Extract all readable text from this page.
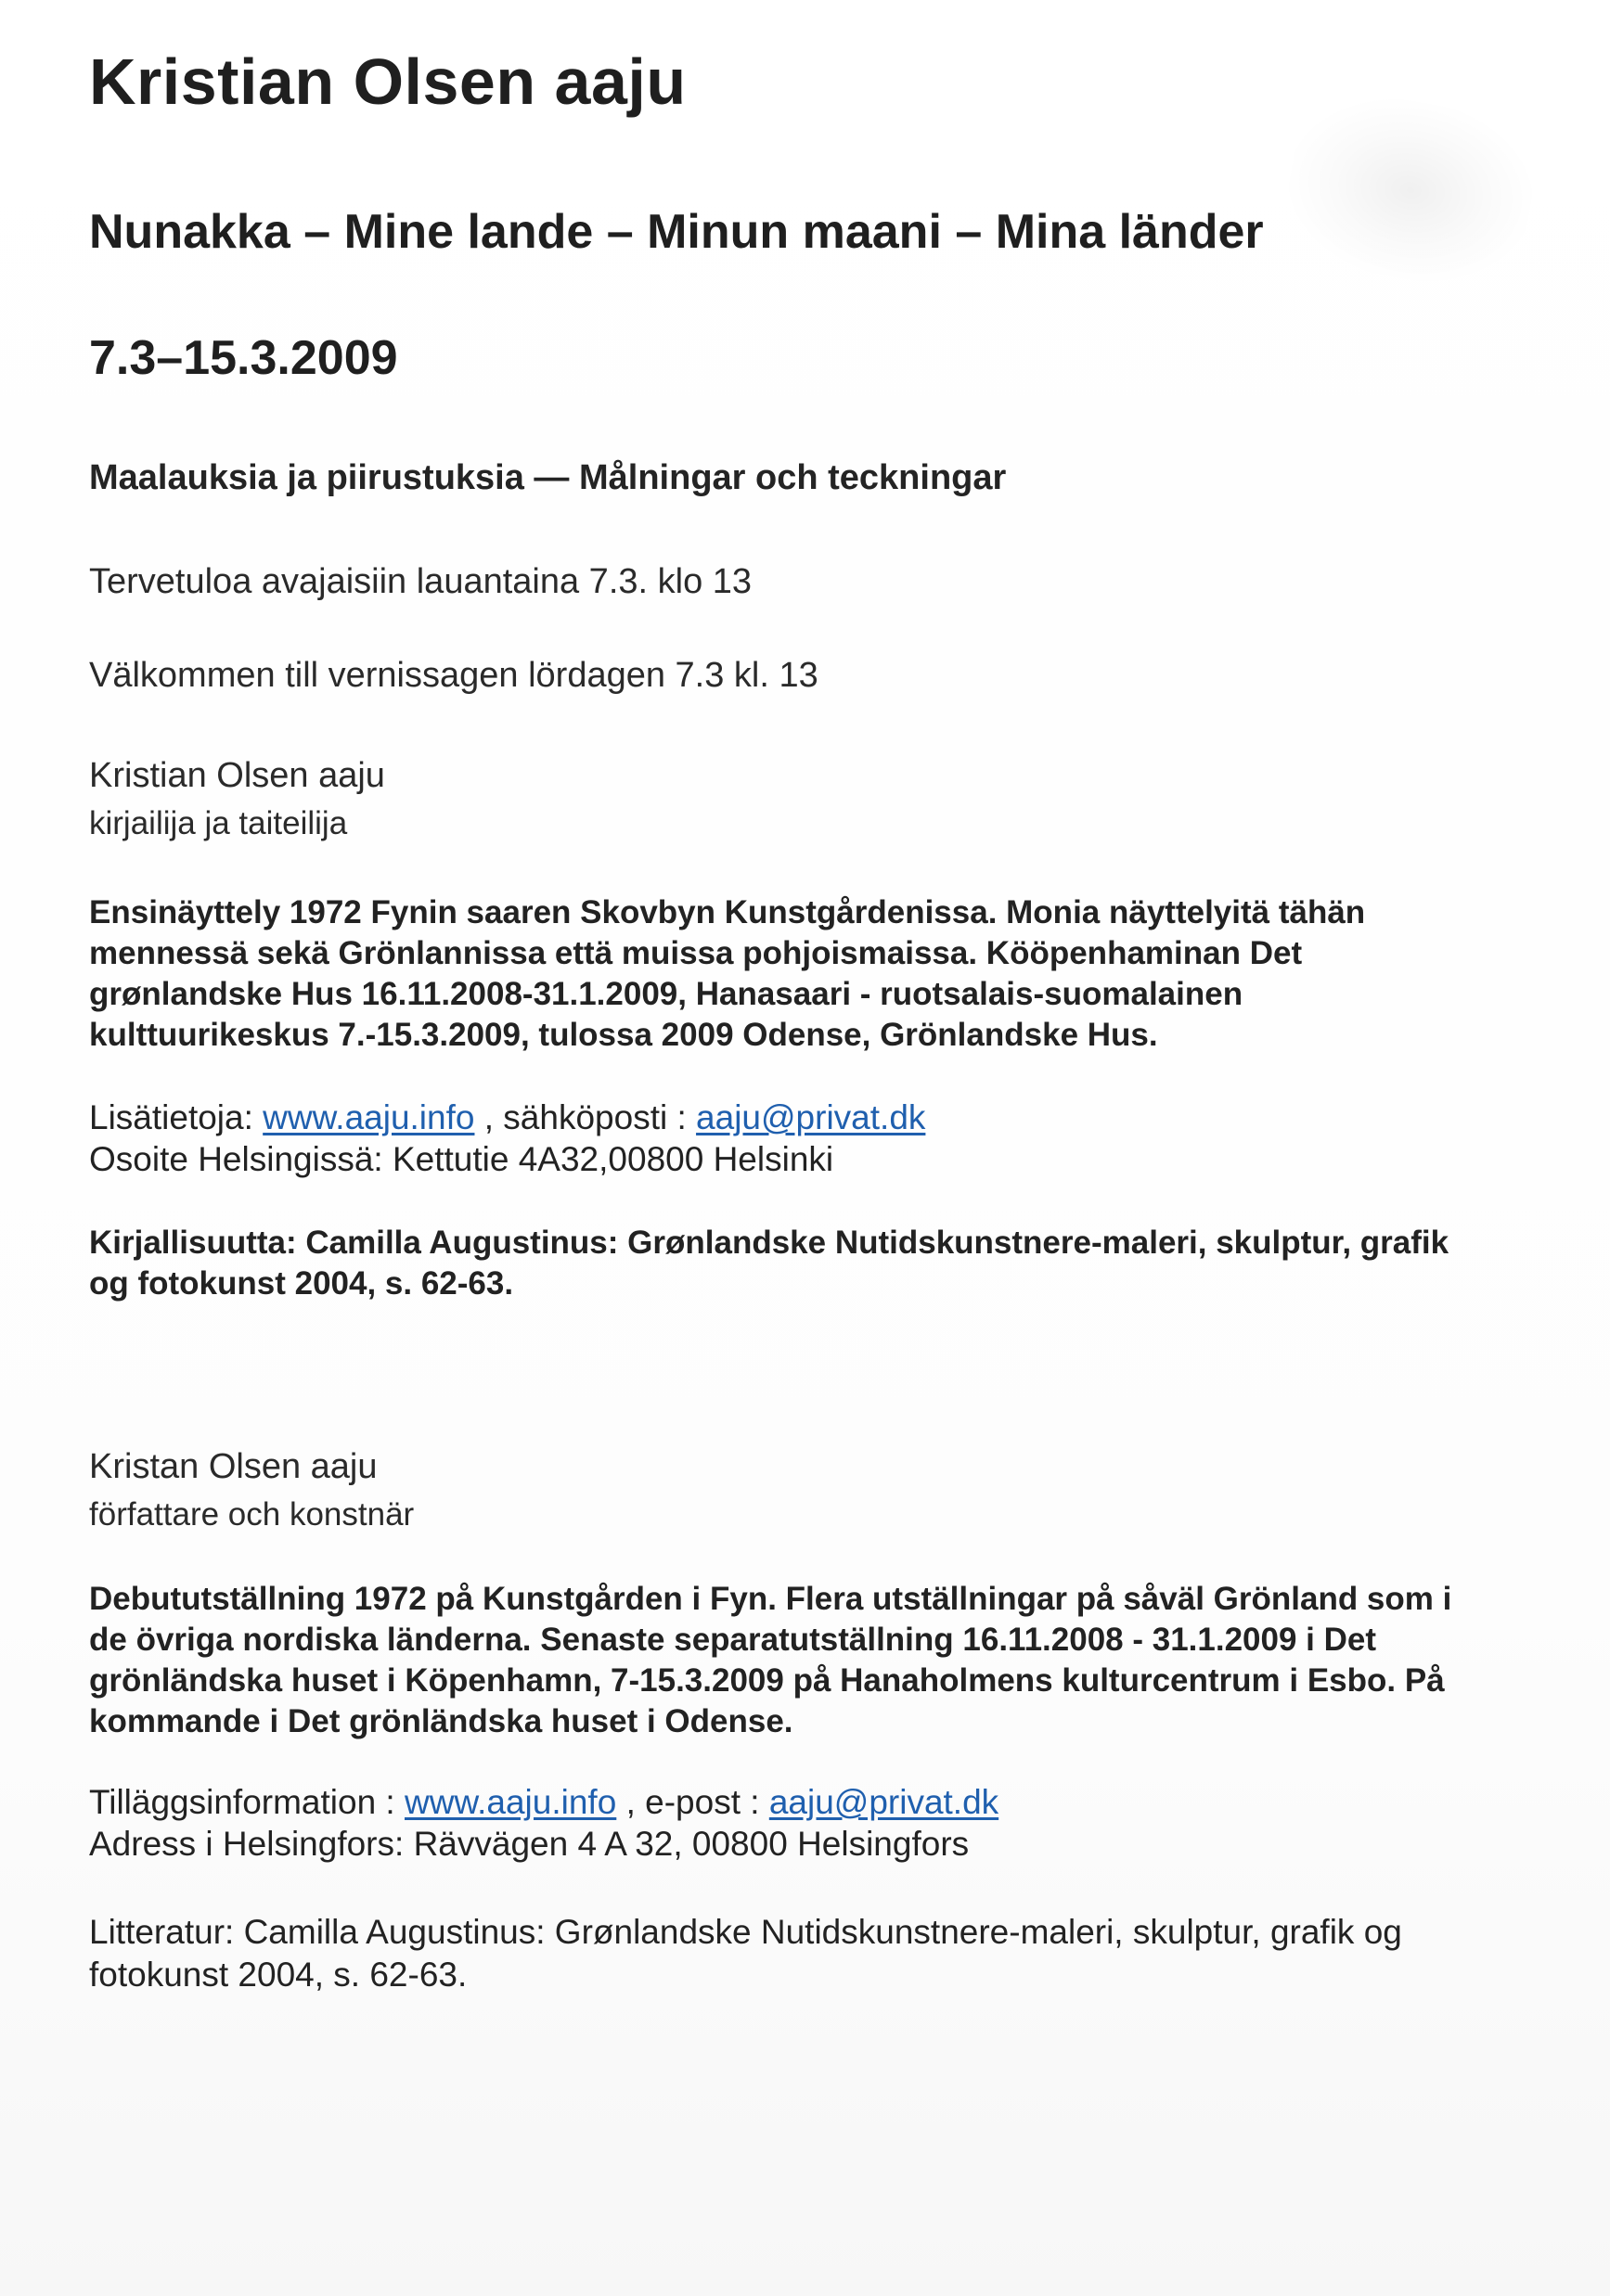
Kristian Olsen aaju
Nunakka – Mine lande – Minun maani – Mina länder
7.3–15.3.2009
Maalauksia ja piirustuksia — Målningar och teckningar
Tervetuloa avajaisiin lauantaina 7.3. klo 13
Välkommen till vernissagen lördagen 7.3 kl. 13
Kristian Olsen aaju
kirjailija ja taiteilija
Ensinäyttely 1972 Fynin saaren Skovbyn Kunstgårdenissa. Monia näyttelyitä tähän
mennessä sekä Grönlannissa että muissa pohjoismaissa. Kööpenhaminan Det
grønlandske Hus 16.11.2008-31.1.2009, Hanasaari - ruotsalais-suomalainen
kulttuurikeskus 7.-15.3.2009, tulossa 2009 Odense, Grönlandske Hus.
Lisätietoja: www.aaju.info , sähköposti : aaju@privat.dk
Osoite Helsingissä: Kettutie 4A32,00800 Helsinki
Kirjallisuutta: Camilla Augustinus: Grønlandske Nutidskunstnere-maleri, skulptur, grafik
og fotokunst 2004, s. 62-63.
Kristan Olsen aaju
författare och konstnär
Debututställning 1972 på Kunstgården i Fyn. Flera utställningar på såväl Grönland som i
de övriga nordiska länderna. Senaste separatutställning 16.11.2008 - 31.1.2009 i Det
grönländska huset i Köpenhamn, 7-15.3.2009 på Hanaholmens kulturcentrum i Esbo. På
kommande i Det grönländska huset i Odense.
Tilläggsinformation : www.aaju.info , e-post : aaju@privat.dk
Adress i Helsingfors: Rävvägen 4 A 32, 00800 Helsingfors
Litteratur: Camilla Augustinus: Grønlandske Nutidskunstnere-maleri, skulptur, grafik og
fotokunst 2004, s. 62-63.
